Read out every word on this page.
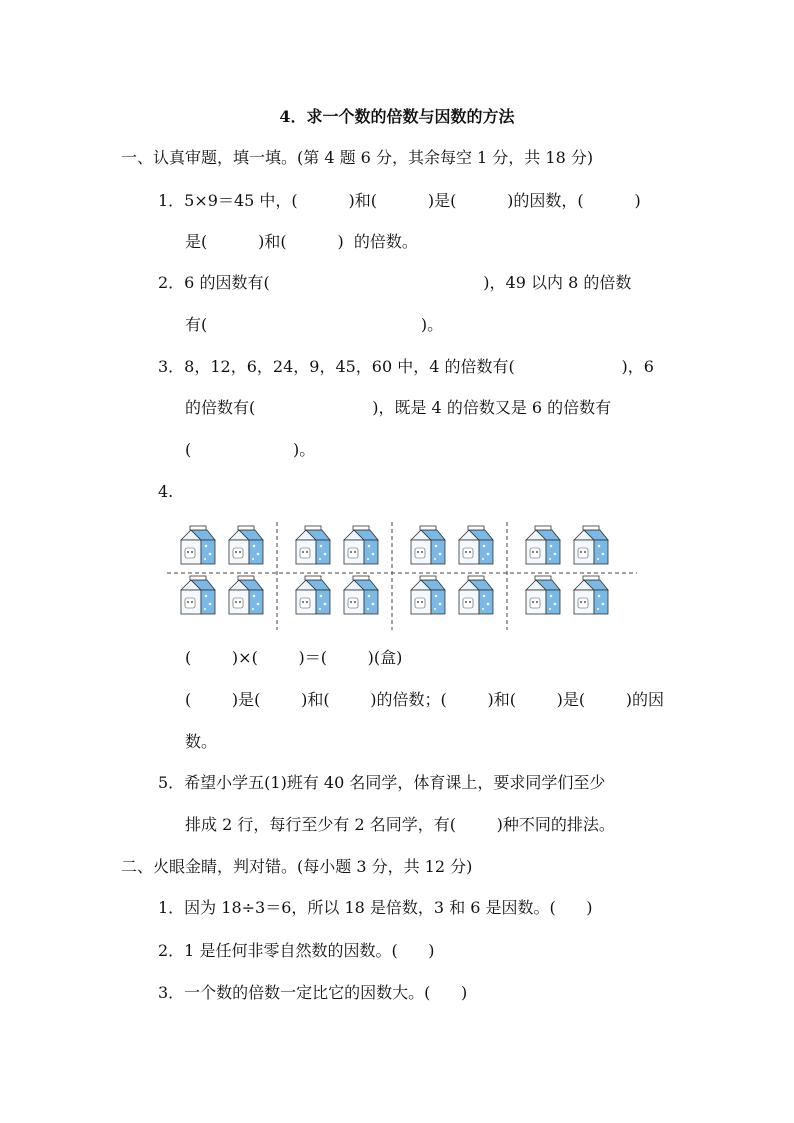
4．求一个数的倍数与因数的方法
一、认真审题，填一填。(第 4 题 6 分，其余每空 1 分，共 18 分)
1．5×9＝45 中，(          )和(          )是(          )的因数，(          )
是(          )和(          )  的倍数。
2．6 的因数有(                                          )，49 以内 8 的倍数
有(                                          )。
3．8，12，6，24，9，45，60 中，4 的倍数有(                     )，6
的倍数有(                       )，既是 4 的倍数又是 6 的倍数有
(                    )。
4.
(        )×(        )＝(        )(盒)
(        )是(        )和(        )的倍数；(        )和(        )是(        )的因
数。
5．希望小学五(1)班有 40 名同学，体育课上，要求同学们至少
排成 2 行，每行至少有 2 名同学，有(        )种不同的排法。
二、火眼金睛，判对错。(每小题 3 分，共 12 分)
1．因为 18÷3＝6，所以 18 是倍数，3 和 6 是因数。(      )
2．1 是任何非零自然数的因数。(      )
3．一个数的倍数一定比它的因数大。(      )
